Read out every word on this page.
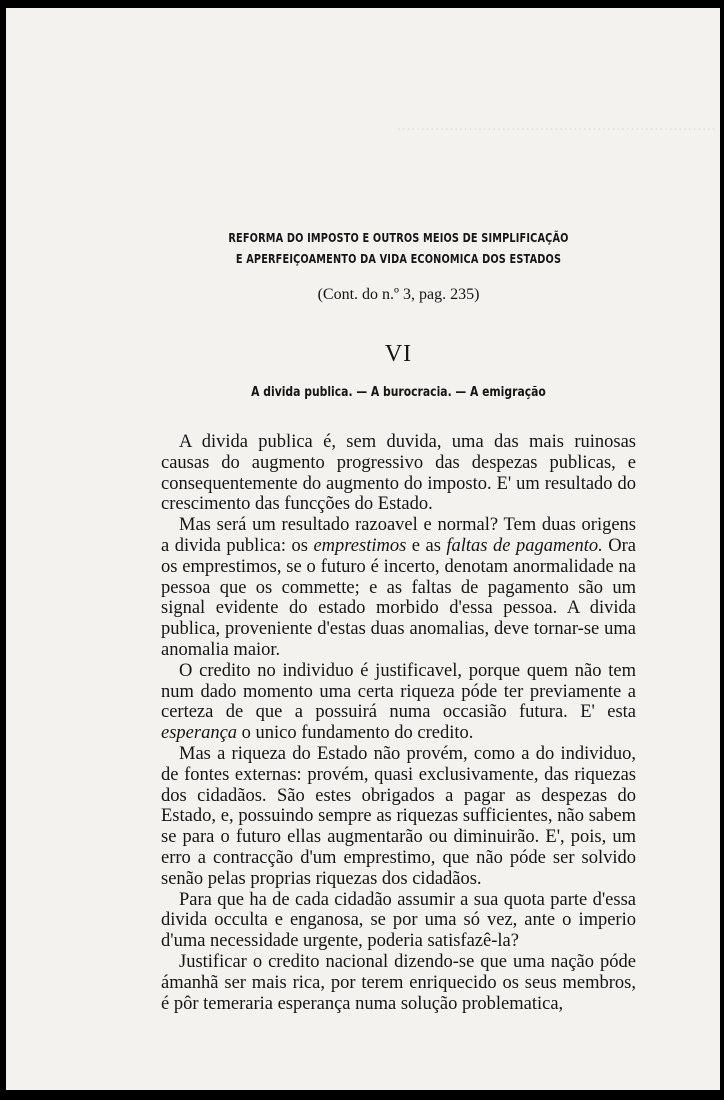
···································································
REFORMA DO IMPOSTO E OUTROS MEIOS DE SIMPLIFICAÇÃO
E APERFEIÇOAMENTO DA VIDA ECONOMICA DOS ESTADOS
(Cont. do n.º 3, pag. 235)
VI
A divida publica. — A burocracia. — A emigração

A divida publica é, sem duvida, uma das mais ruinosas causas do augmento progressivo das despezas publicas, e consequentemente do augmento do imposto. E' um resultado do crescimento das funcções do Estado.

Mas será um resultado razoavel e normal? Tem duas origens a divida publica: os emprestimos e as faltas de pagamento. Ora os emprestimos, se o futuro é incerto, denotam anormalidade na pessoa que os commette; e as faltas de pagamento são um signal evidente do estado morbido d'essa pessoa. A divida publica, proveniente d'estas duas anomalias, deve tornar-se uma anomalia maior.

O credito no individuo é justificavel, porque quem não tem num dado momento uma certa riqueza póde ter previamente a certeza de que a possuirá numa occasião futura. E' esta esperança o unico fundamento do credito.

Mas a riqueza do Estado não provém, como a do individuo, de fontes externas: provém, quasi exclusivamente, das riquezas dos cidadãos. São estes obrigados a pagar as despezas do Estado, e, possuindo sempre as riquezas sufficientes, não sabem se para o futuro ellas augmentarão ou diminuirão. E', pois, um erro a contracção d'um emprestimo, que não póde ser solvido senão pelas proprias riquezas dos cidadãos.

Para que ha de cada cidadão assumir a sua quota parte d'essa divida occulta e enganosa, se por uma só vez, ante o imperio d'uma necessidade urgente, poderia satisfazê-la?

Justificar o credito nacional dizendo-se que uma nação póde ámanhã ser mais rica, por terem enriquecido os seus membros, é pôr temeraria esperança numa solução problematica,
